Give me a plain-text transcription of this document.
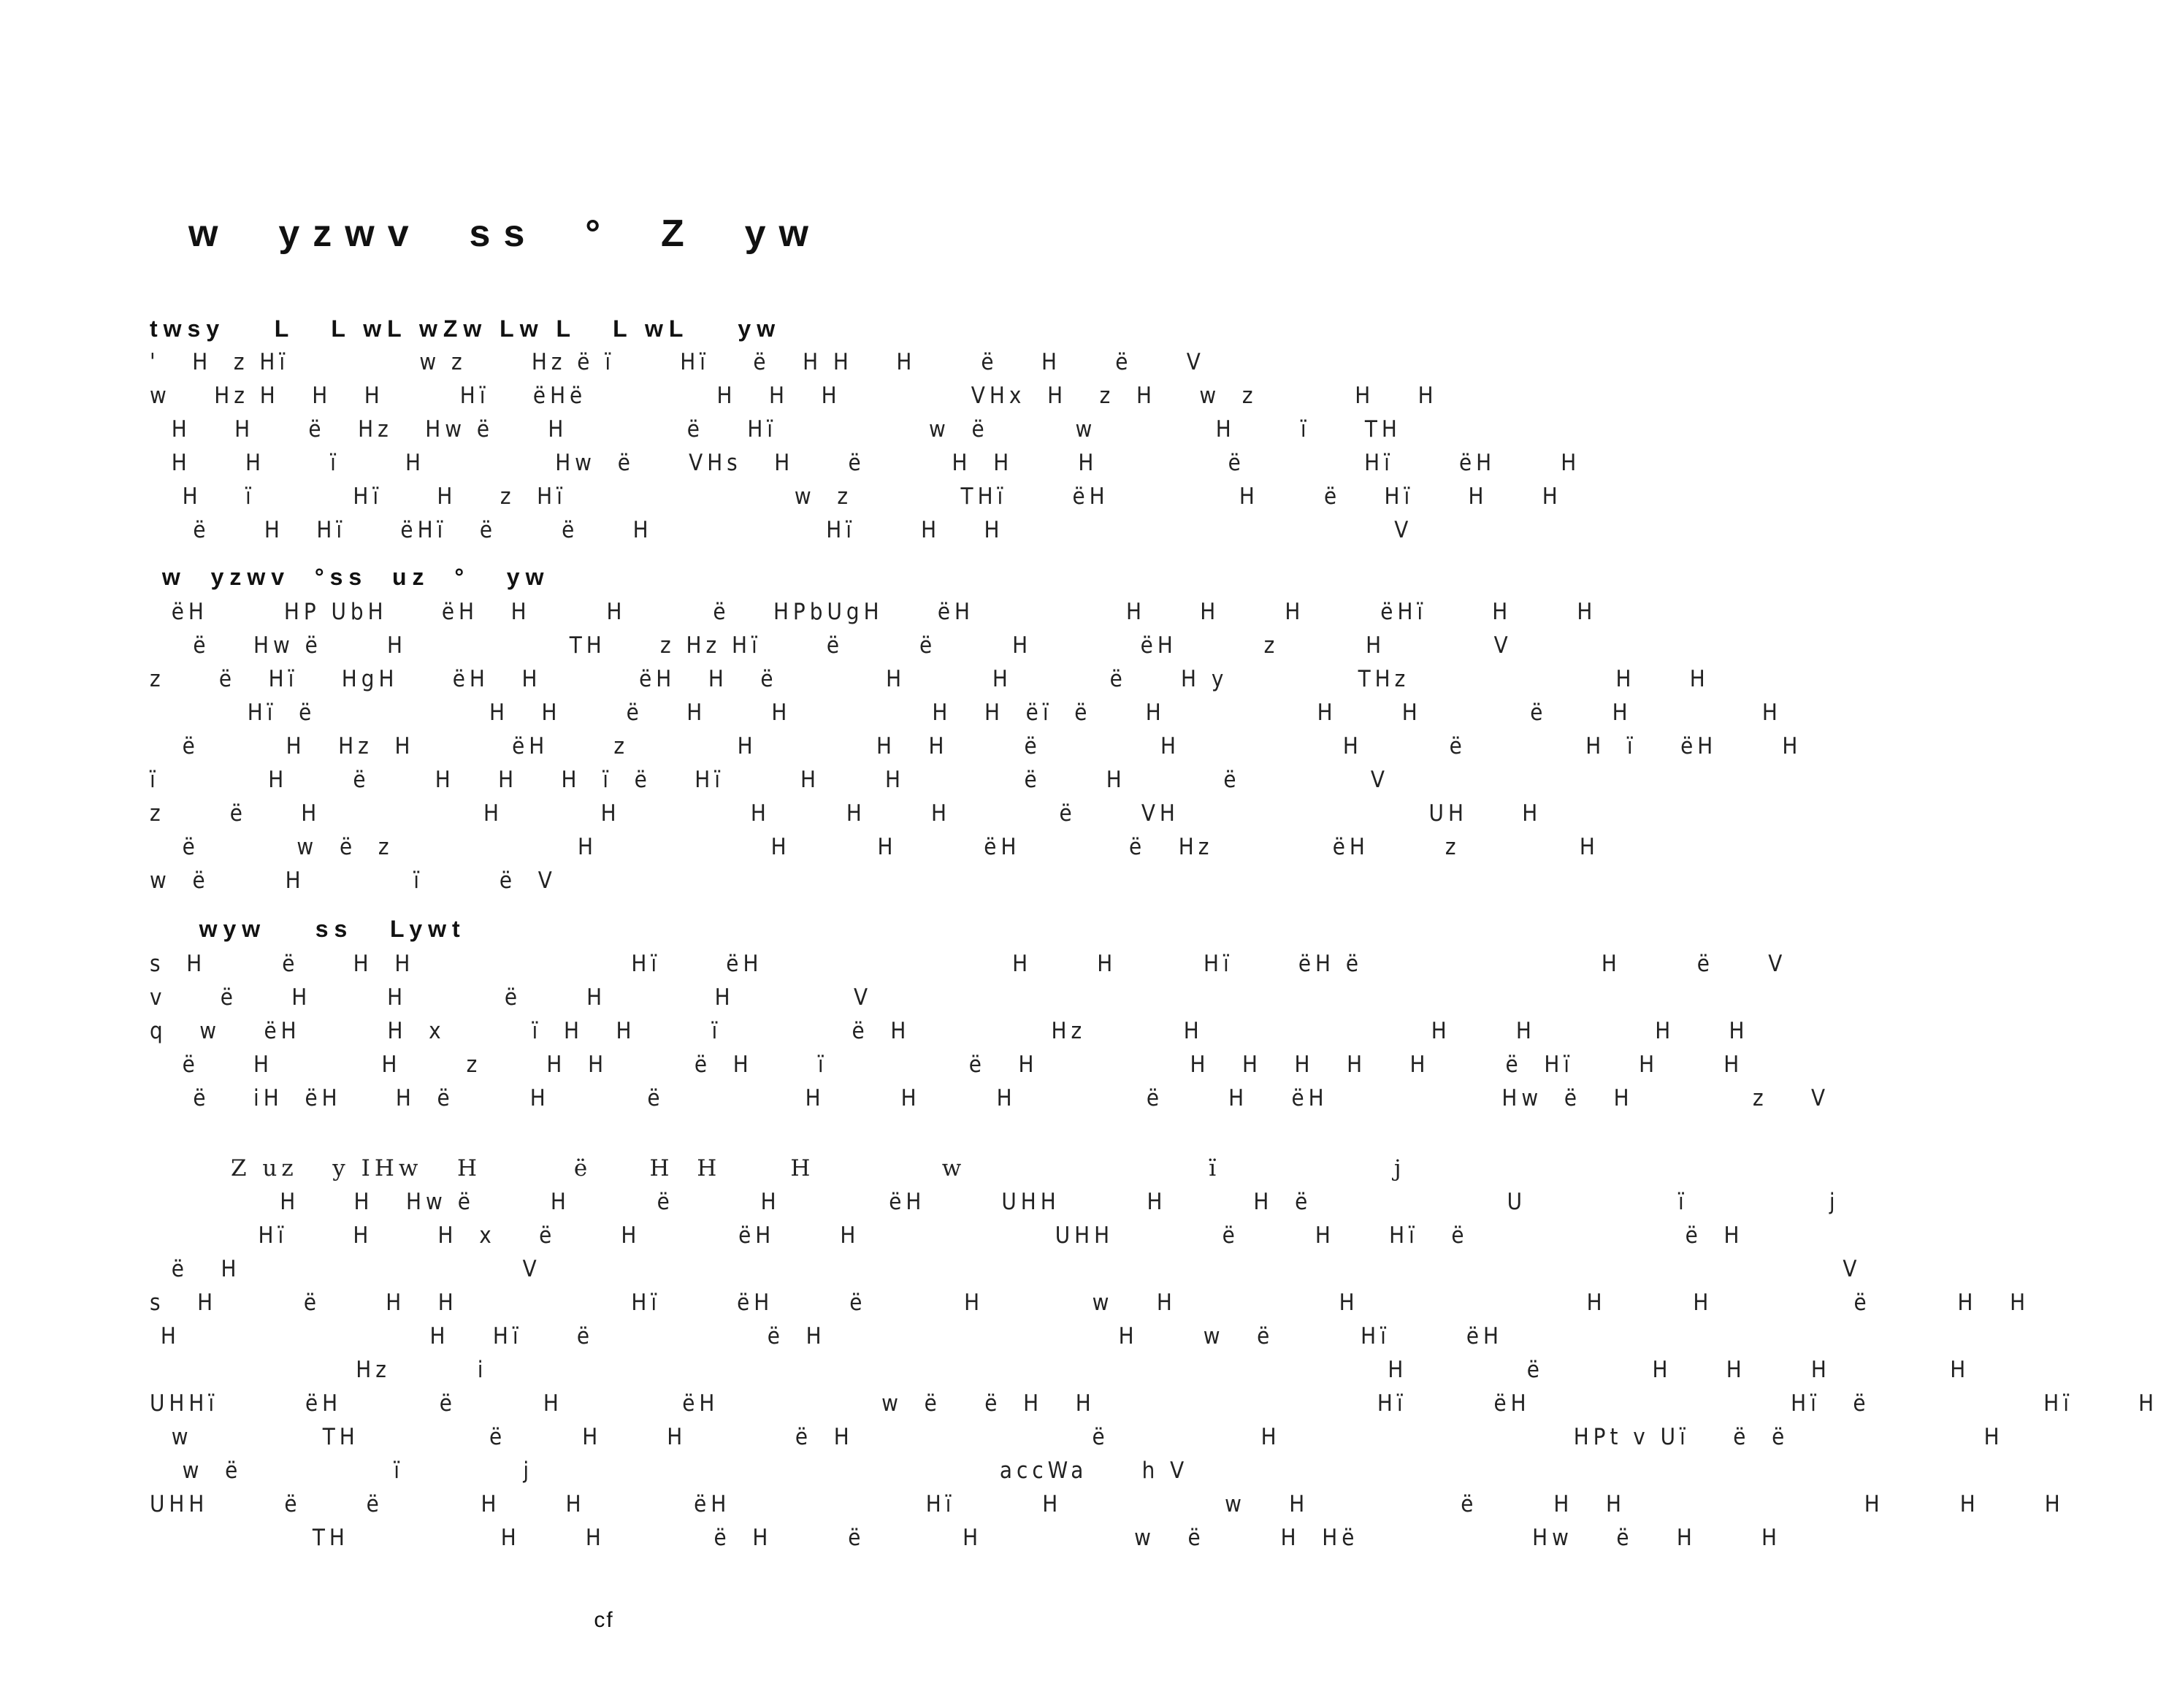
w  yzwv  ss  °  Z  yw
twsy    L   L wL wZw Lw L   L wL    yw
'   H  z Hï            w z      Hz ë ï      Hï    ë   H H    H      ë    H     ë     V
w    Hz H   H   H       Hï    ëHë            H   H   H            VHx  H   z  H    w  z         H    H
H    H     ë   Hz   Hw ë     H           ë    Hï              w  ë        w           H      ï     TH
H     H      ï      H            Hw  ë     VHs   H     ë        H  H      H            ë           Hï      ëH      H
H    ï         Hï     H    z  Hï                     w  z          THï      ëH            H      ë    Hï     H     H
ë     H   Hï     ëHï   ë      ë     H                Hï      H    H                                    V
w  yzwv  °ss  uz  °   yw
ëH       HP UbH     ëH   H       H        ë    HPbUgH     ëH              H     H      H       ëHï      H      H
ë    Hw ë      H               TH     z Hz Hï      ë       ë       H          ëH        z        H          V
z     ë   Hï    HgH     ëH   H         ëH   H   ë          H        H         ë     H y            THz                   H     H
Hï  ë                H   H      ë    H      H             H   H  ëï  ë     H              H      H          ë      H            H
ë        H   Hz  H         ëH      z          H           H   H       ë           H               H        ë           H  ï    ëH      H
ï          H      ë      H    H    H  ï  ë    Hï       H      H           ë      H         ë            V
z      ë     H               H         H            H       H      H          ë      VH                       UH     H
ë         w  ë  z                 H                H        H        ëH          ë   Hz           ëH       z           H
w  ë       H          ï       ë  V
wyw    ss   Lywt
s  H       ë     H  H                    Hï      ëH                       H      H        Hï      ëH ë                      H       ë     V
v     ë     H       H         ë      H          H           V
q   w    ëH        H  x        ï  H   H       ï            ë  H             Hz         H                     H      H           H     H
ë     H          H      z      H  H        ë  H      ï             ë   H              H   H   H   H    H       ë  Hï      H      H
ë    iH  ëH     H  ë       H         ë             H       H       H            ë      H    ëH                Hw  ë   H           z    V
Z uz   y IHw   H        ë     H  H      H           w                     ï               j
H     H   Hw ë       H        ë        H          ëH       UHH        H        H  ë                  U              ï             j
Hï      H      H  x    ë      H         ëH      H                  UHH          ë       H     Hï   ë                    ë  H
ë   H                          V                                                                                                                        V
s   H        ë      H   H                Hï       ëH       ë         H          w    H               H                     H        H             ë        H   H
H                       H    Hï     ë                ë  H                           H      w   ë        Hï       ëH
Hz        i                                                                                   H           ë          H     H      H           H
UHHï        ëH         ë        H           ëH               w  ë    ë  H   H                          Hï        ëH                        Hï   ë                Hï      H
w            TH            ë       H      H          ë  H                      ë              H                           HPt v Uï    ë  ë                  H
w  ë              ï           j                                           accWa     h V
UHH       ë      ë         H      H          ëH                  Hï        H               w    H              ë       H   H                      H       H      H
TH              H      H          ë  H       ë         H              w   ë       H  Hë                Hw    ë    H      H
cf
